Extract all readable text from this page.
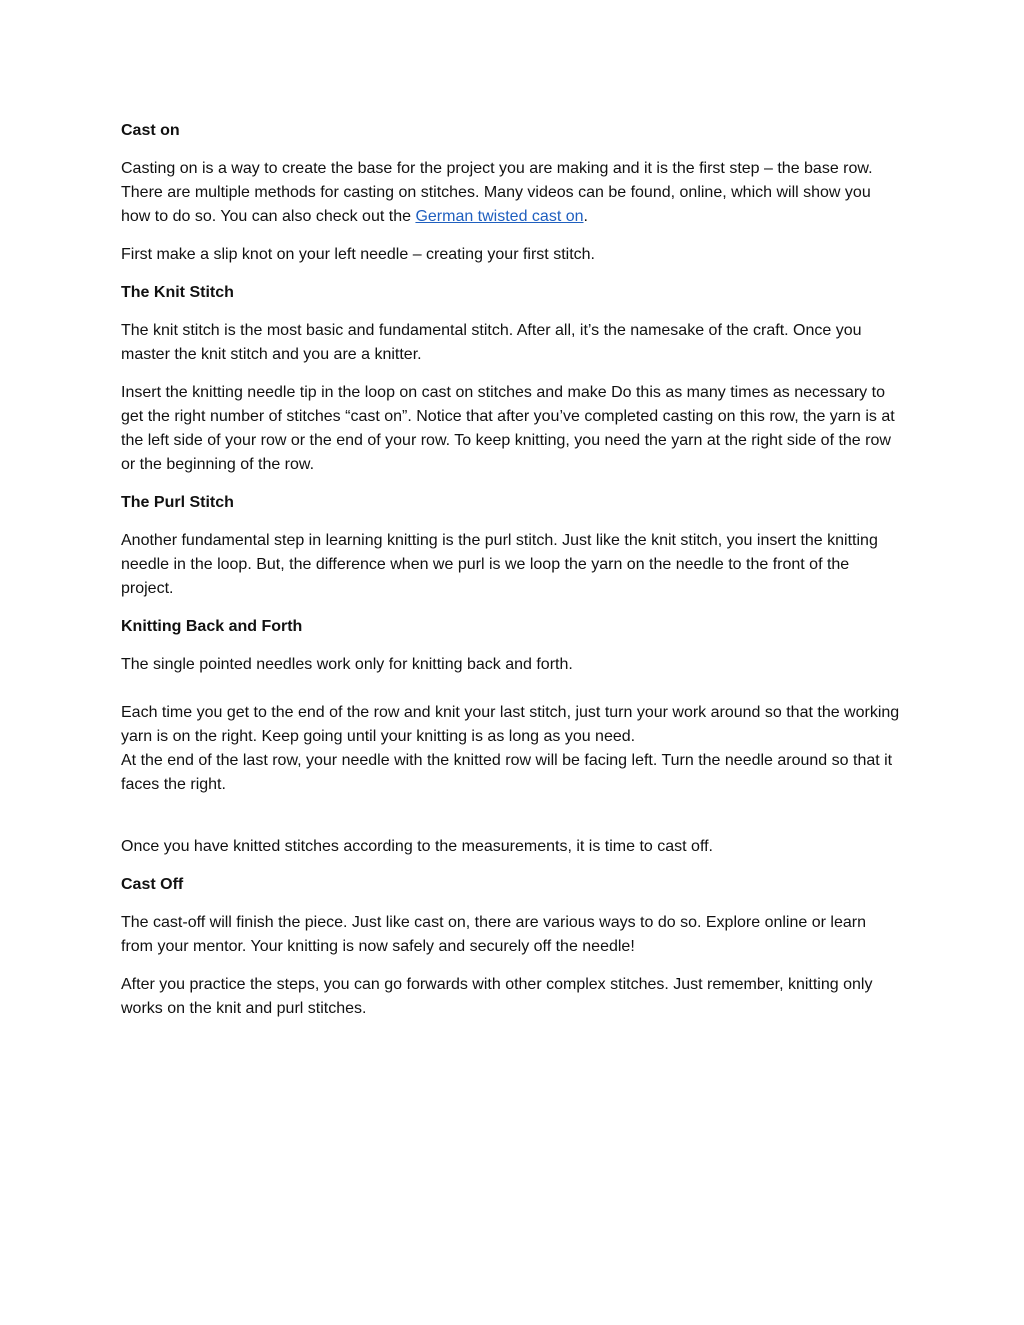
Cast on

Casting on is a way to create the base for the project you are making and it is the first step – the base row. There are multiple methods for casting on stitches. Many videos can be found, online, which will show you how to do so. You can also check out the German twisted cast on.

First make a slip knot on your left needle – creating your first stitch.

The Knit Stitch

The knit stitch is the most basic and fundamental stitch. After all, it’s the namesake of the craft. Once you master the knit stitch and you are a knitter.

Insert the knitting needle tip in the loop on cast on stitches and make Do this as many times as necessary to get the right number of stitches “cast on”. Notice that after you’ve completed casting on this row, the yarn is at the left side of your row or the end of your row. To keep knitting, you need the yarn at the right side of the row or the beginning of the row.

The Purl Stitch

Another fundamental step in learning knitting is the purl stitch. Just like the knit stitch, you insert the knitting needle in the loop. But, the difference when we purl is we loop the yarn on the needle to the front of the project.

Knitting Back and Forth

The single pointed needles work only for knitting back and forth.

Each time you get to the end of the row and knit your last stitch, just turn your work around so that the working yarn is on the right. Keep going until your knitting is as long as you need.

At the end of the last row, your needle with the knitted row will be facing left. Turn the needle around so that it faces the right.

Once you have knitted stitches according to the measurements, it is time to cast off.

Cast Off

The cast-off will finish the piece. Just like cast on, there are various ways to do so. Explore online or learn from your mentor. Your knitting is now safely and securely off the needle!

After you practice the steps, you can go forwards with other complex stitches. Just remember, knitting only works on the knit and purl stitches.
